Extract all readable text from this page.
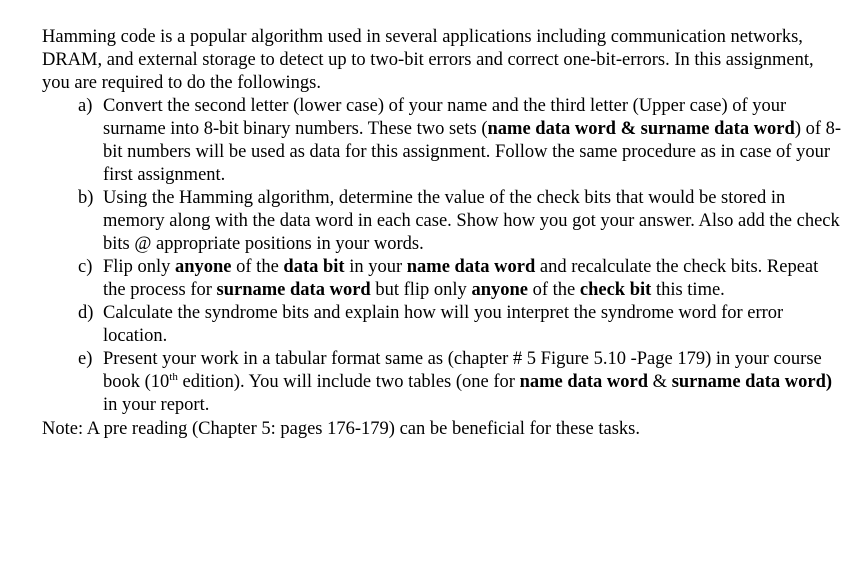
Hamming code is a popular algorithm used in several applications including communication networks, DRAM, and external storage to detect up to two-bit errors and correct one-bit-errors. In this assignment, you are required to do the followings.

a) Convert the second letter (lower case) of your name and the third letter (Upper case) of your surname into 8-bit binary numbers. These two sets (name data word & surname data word) of 8-bit numbers will be used as data for this assignment. Follow the same procedure as in case of your first assignment.
b) Using the Hamming algorithm, determine the value of the check bits that would be stored in memory along with the data word in each case. Show how you got your answer. Also add the check bits @ appropriate positions in your words.
c) Flip only anyone of the data bit in your name data word and recalculate the check bits. Repeat the process for surname data word but flip only anyone of the check bit this time.
d) Calculate the syndrome bits and explain how will you interpret the syndrome word for error location.
e) Present your work in a tabular format same as (chapter # 5 Figure 5.10 -Page 179) in your course book (10th edition). You will include two tables (one for name data word & surname data word) in your report.

Note: A pre reading (Chapter 5: pages 176-179) can be beneficial for these tasks.
